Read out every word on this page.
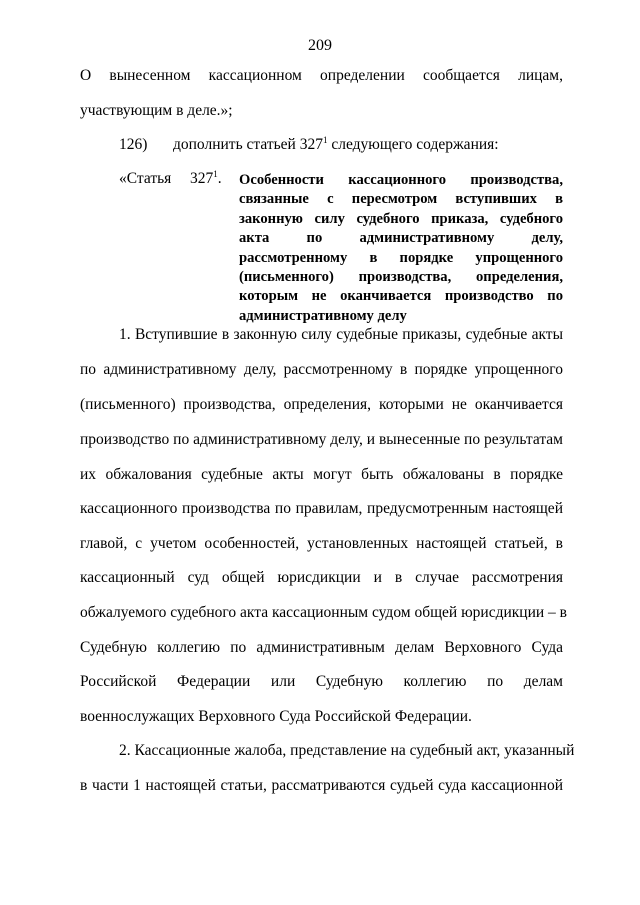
209
О вынесенном кассационном определении сообщается лицам,
участвующим в деле.»;
126) дополнить статьей $327^1$ следующего содержания:
«Статья $327^1$. Особенности кассационного производства,
связанные с пересмотром вступивших в
законную силу судебного приказа, судебного
акта по административному делу,
рассмотренному в порядке упрощенного
(письменного) производства, определения,
которым не оканчивается производство по
административному делу
1. Вступившие в законную силу судебные приказы, судебные акты
по административному делу, рассмотренному в порядке упрощенного
(письменного) производства, определения, которыми не оканчивается
производство по административному делу, и вынесенные по результатам
их обжалования судебные акты могут быть обжалованы в порядке
кассационного производства по правилам, предусмотренным настоящей
главой, с учетом особенностей, установленных настоящей статьей, в
кассационный суд общей юрисдикции и в случае рассмотрения
обжалуемого судебного акта кассационным судом общей юрисдикции – в
Судебную коллегию по административным делам Верховного Суда
Российской Федерации или Судебную коллегию по делам
военнослужащих Верховного Суда Российской Федерации.
2. Кассационные жалоба, представление на судебный акт, указанный
в части 1 настоящей статьи, рассматриваются судьей суда кассационной
